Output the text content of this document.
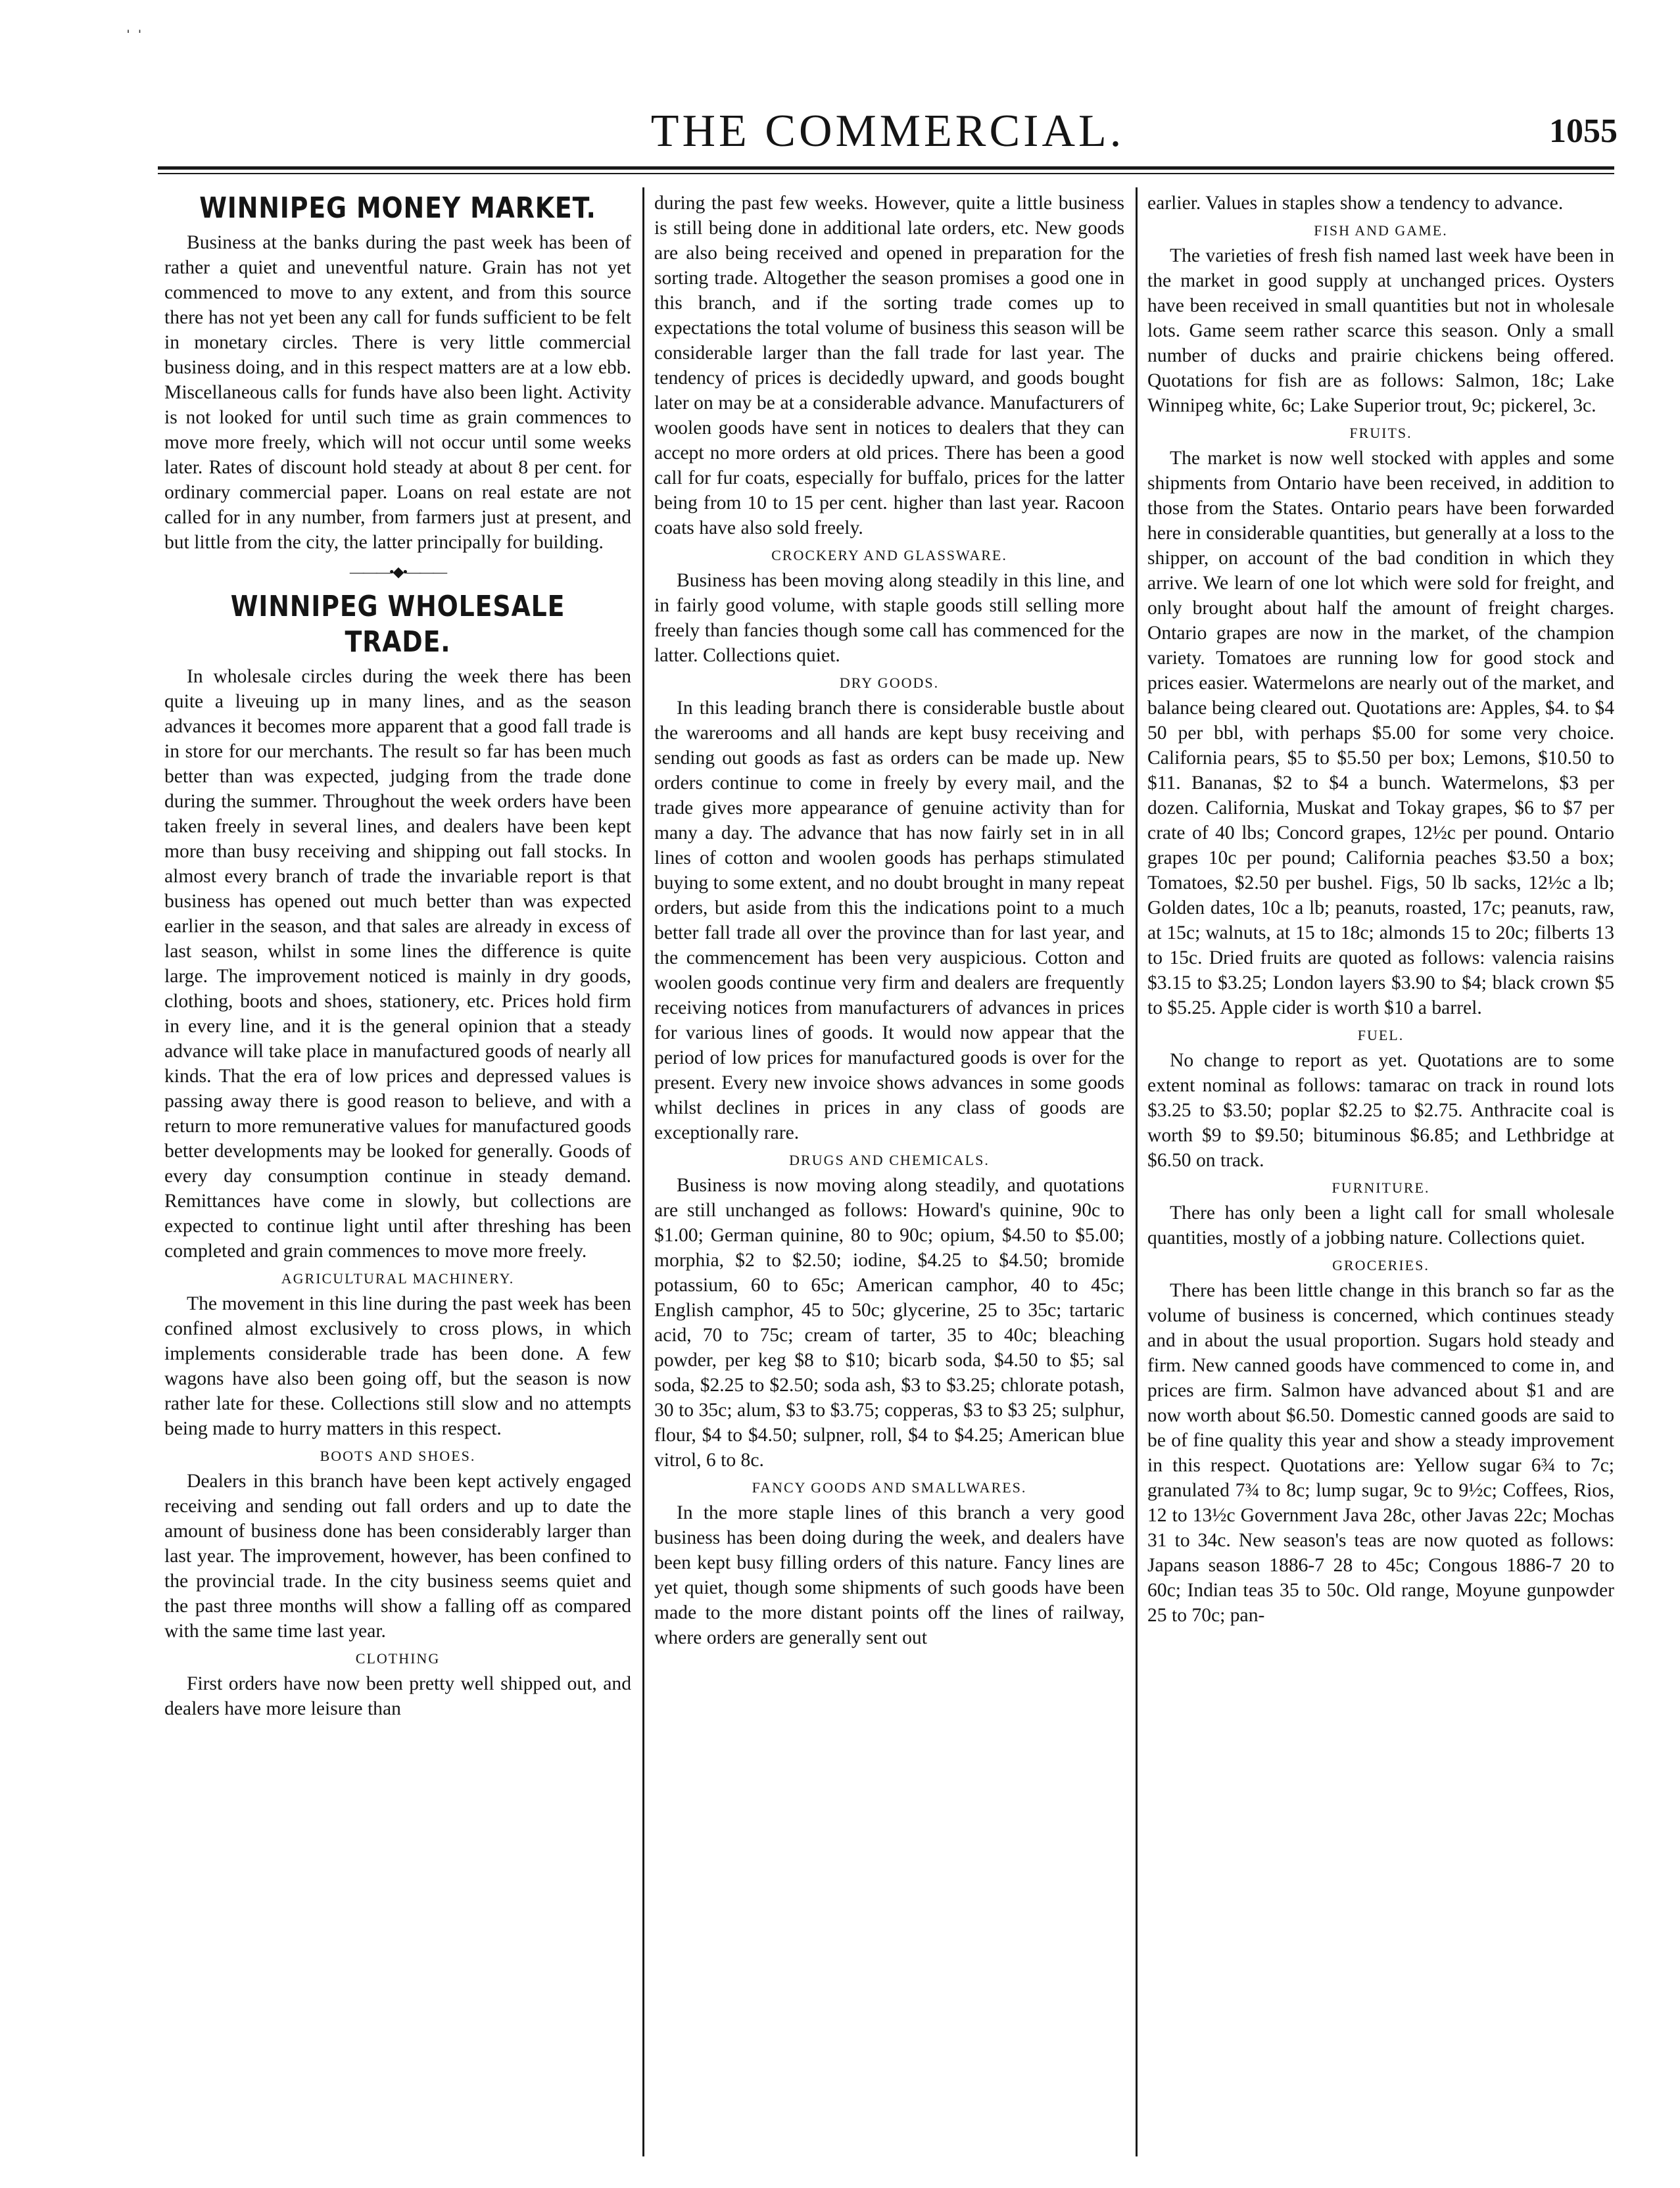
THE COMMERCIAL.	1055
WINNIPEG MONEY MARKET.

Business at the banks during the past week has been of rather a quiet and uneventful nature. Grain has not yet commenced to move to any extent, and from this source there has not yet been any call for funds sufficient to be felt in monetary circles. There is very little commercial business doing, and in this respect matters are at a low ebb. Miscellaneous calls for funds have also been light. Activity is not looked for until such time as grain commences to move more freely, which will not occur until some weeks later. Rates of discount hold steady at about 8 per cent. for ordinary commercial paper. Loans on real estate are not called for in any number, from farmers just at present, and but little from the city, the latter principally for building.

———•◆•———
WINNIPEG WHOLESALE TRADE.

In wholesale circles during the week there has been quite a liveuing up in many lines, and as the season advances it becomes more apparent that a good fall trade is in store for our merchants. The result so far has been much better than was expected, judging from the trade done during the summer. Throughout the week orders have been taken freely in several lines, and dealers have been kept more than busy receiving and shipping out fall stocks. In almost every branch of trade the invariable report is that business has opened out much better than was expected earlier in the season, and that sales are already in excess of last season, whilst in some lines the difference is quite large. The improvement noticed is mainly in dry goods, clothing, boots and shoes, stationery, etc. Prices hold firm in every line, and it is the general opinion that a steady advance will take place in manufactured goods of nearly all kinds. That the era of low prices and depressed values is passing away there is good reason to believe, and with a return to more remunerative values for manufactured goods better developments may be looked for generally. Goods of every day consumption continue in steady demand. Remittances have come in slowly, but collections are expected to continue light until after threshing has been completed and grain commences to move more freely.

AGRICULTURAL MACHINERY.

The movement in this line during the past week has been confined almost exclusively to cross plows, in which implements considerable trade has been done. A few wagons have also been going off, but the season is now rather late for these. Collections still slow and no attempts being made to hurry matters in this respect.

BOOTS AND SHOES.

Dealers in this branch have been kept actively engaged receiving and sending out fall orders and up to date the amount of business done has been considerably larger than last year. The improvement, however, has been confined to the provincial trade. In the city business seems quiet and the past three months will show a falling off as compared with the same time last year.

CLOTHING

First orders have now been pretty well shipped out, and dealers have more leisure than

during the past few weeks. However, quite a little business is still being done in additional late orders, etc. New goods are also being received and opened in preparation for the sorting trade. Altogether the season promises a good one in this branch, and if the sorting trade comes up to expectations the total volume of business this season will be considerable larger than the fall trade for last year. The tendency of prices is decidedly upward, and goods bought later on may be at a considerable advance. Manufacturers of woolen goods have sent in notices to dealers that they can accept no more orders at old prices. There has been a good call for fur coats, especially for buffalo, prices for the latter being from 10 to 15 per cent. higher than last year. Racoon coats have also sold freely.

CROCKERY AND GLASSWARE.

Business has been moving along steadily in this line, and in fairly good volume, with staple goods still selling more freely than fancies though some call has commenced for the latter. Collections quiet.

DRY GOODS.

In this leading branch there is considerable bustle about the warerooms and all hands are kept busy receiving and sending out goods as fast as orders can be made up. New orders continue to come in freely by every mail, and the trade gives more appearance of genuine activity than for many a day. The advance that has now fairly set in in all lines of cotton and woolen goods has perhaps stimulated buying to some extent, and no doubt brought in many repeat orders, but aside from this the indications point to a much better fall trade all over the province than for last year, and the commencement has been very auspicious. Cotton and woolen goods continue very firm and dealers are frequently receiving notices from manufacturers of advances in prices for various lines of goods. It would now appear that the period of low prices for manufactured goods is over for the present. Every new invoice shows advances in some goods whilst declines in prices in any class of goods are exceptionally rare.

DRUGS AND CHEMICALS.

Business is now moving along steadily, and quotations are still unchanged as follows: Howard's quinine, 90c to $1.00; German quinine, 80 to 90c; opium, $4.50 to $5.00; morphia, $2 to $2.50; iodine, $4.25 to $4.50; bromide potassium, 60 to 65c; American camphor, 40 to 45c; English camphor, 45 to 50c; glycerine, 25 to 35c; tartaric acid, 70 to 75c; cream of tarter, 35 to 40c; bleaching powder, per keg $8 to $10; bicarb soda, $4.50 to $5; sal soda, $2.25 to $2.50; soda ash, $3 to $3.25; chlorate potash, 30 to 35c; alum, $3 to $3.75; copperas, $3 to $3 25; sulphur, flour, $4 to $4.50; sulpner, roll, $4 to $4.25; American blue vitrol, 6 to 8c.

FANCY GOODS AND SMALLWARES.

In the more staple lines of this branch a very good business has been doing during the week, and dealers have been kept busy filling orders of this nature. Fancy lines are yet quiet, though some shipments of such goods have been made to the more distant points off the lines of railway, where orders are generally sent out

earlier. Values in staples show a tendency to advance.

FISH AND GAME.

The varieties of fresh fish named last week have been in the market in good supply at unchanged prices. Oysters have been received in small quantities but not in wholesale lots. Game seem rather scarce this season. Only a small number of ducks and prairie chickens being offered. Quotations for fish are as follows: Salmon, 18c; Lake Winnipeg white, 6c; Lake Superior trout, 9c; pickerel, 3c.

FRUITS.

The market is now well stocked with apples and some shipments from Ontario have been received, in addition to those from the States. Ontario pears have been forwarded here in considerable quantities, but generally at a loss to the shipper, on account of the bad condition in which they arrive. We learn of one lot which were sold for freight, and only brought about half the amount of freight charges. Ontario grapes are now in the market, of the champion variety. Tomatoes are running low for good stock and prices easier. Watermelons are nearly out of the market, and balance being cleared out. Quotations are: Apples, $4. to $4 50 per bbl, with perhaps $5.00 for some very choice. California pears, $5 to $5.50 per box; Lemons, $10.50 to $11. Bananas, $2 to $4 a bunch. Watermelons, $3 per dozen. California, Muskat and Tokay grapes, $6 to $7 per crate of 40 lbs; Concord grapes, 12½c per pound. Ontario grapes 10c per pound; California peaches $3.50 a box; Tomatoes, $2.50 per bushel. Figs, 50 lb sacks, 12½c a lb; Golden dates, 10c a lb; peanuts, roasted, 17c; peanuts, raw, at 15c; walnuts, at 15 to 18c; almonds 15 to 20c; filberts 13 to 15c. Dried fruits are quoted as follows: valencia raisins $3.15 to $3.25; London layers $3.90 to $4; black crown $5 to $5.25. Apple cider is worth $10 a barrel.

FUEL.

No change to report as yet. Quotations are to some extent nominal as follows: tamarac on track in round lots $3.25 to $3.50; poplar $2.25 to $2.75. Anthracite coal is worth $9 to $9.50; bituminous $6.85; and Lethbridge at $6.50 on track.

FURNITURE.

There has only been a light call for small wholesale quantities, mostly of a jobbing nature. Collections quiet.

GROCERIES.

There has been little change in this branch so far as the volume of business is concerned, which continues steady and in about the usual proportion. Sugars hold steady and firm. New canned goods have commenced to come in, and prices are firm. Salmon have advanced about $1 and are now worth about $6.50. Domestic canned goods are said to be of fine quality this year and show a steady improvement in this respect. Quotations are: Yellow sugar 6¾ to 7c; granulated 7¾ to 8c; lump sugar, 9c to 9½c; Coffees, Rios, 12 to 13½c Government Java 28c, other Javas 22c; Mochas 31 to 34c. New season's teas are now quoted as follows: Japans season 1886-7 28 to 45c; Congous 1886-7 20 to 60c; Indian teas 35 to 50c. Old range, Moyune gunpowder 25 to 70c; pan-

ˈ ˈ
